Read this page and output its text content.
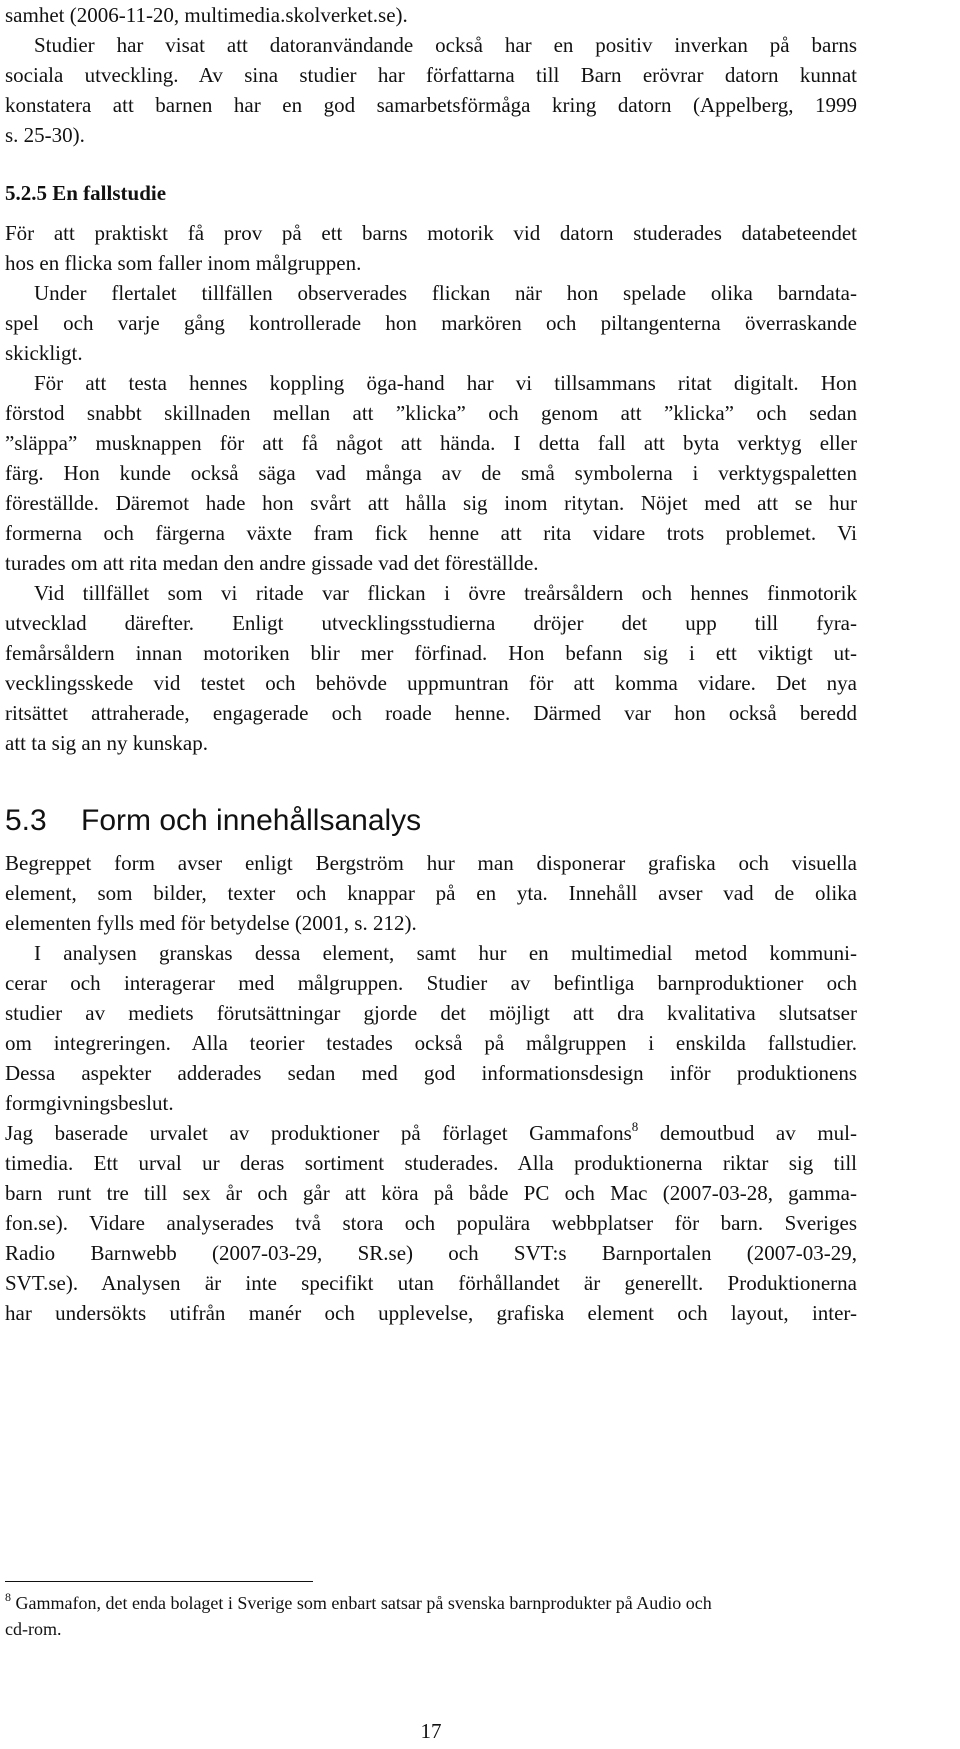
samhet (2006-11-20, multimedia.skolverket.se).
Studier har visat att datoranvändande också har en positiv inverkan på barns
sociala utveckling. Av sina studier har författarna till Barn erövrar datorn kunnat
konstatera att barnen har en god samarbetsförmåga kring datorn (Appelberg, 1999
s. 25-30).
5.2.5 En fallstudie
För att praktiskt få prov på ett barns motorik vid datorn studerades databeteendet
hos en flicka som faller inom målgruppen.
Under flertalet tillfällen observerades flickan när hon spelade olika barndata-
spel och varje gång kontrollerade hon markören och piltangenterna överraskande
skickligt.
För att testa hennes koppling öga-hand har vi tillsammans ritat digitalt. Hon
förstod snabbt skillnaden mellan att ”klicka” och genom att ”klicka” och sedan
”släppa” musknappen för att få något att hända. I detta fall att byta verktyg eller
färg. Hon kunde också säga vad många av de små symbolerna i verktygspaletten
föreställde. Däremot hade hon svårt att hålla sig inom ritytan. Nöjet med att se hur
formerna och färgerna växte fram fick henne att rita vidare trots problemet. Vi
turades om att rita medan den andre gissade vad det föreställde.
Vid tillfället som vi ritade var flickan i övre treårsåldern och hennes finmotorik
utvecklad därefter. Enligt utvecklingsstudierna dröjer det upp till fyra-
femårsåldern innan motoriken blir mer förfinad. Hon befann sig i ett viktigt ut-
vecklingsskede vid testet och behövde uppmuntran för att komma vidare. Det nya
ritsättet attraherade, engagerade och roade henne. Därmed var hon också beredd
att ta sig an ny kunskap.
5.3 Form och innehållsanalys
Begreppet form avser enligt Bergström hur man disponerar grafiska och visuella
element, som bilder, texter och knappar på en yta. Innehåll avser vad de olika
elementen fylls med för betydelse (2001, s. 212).
I analysen granskas dessa element, samt hur en multimedial metod kommuni-
cerar och interagerar med målgruppen. Studier av befintliga barnproduktioner och
studier av mediets förutsättningar gjorde det möjligt att dra kvalitativa slutsatser
om integreringen. Alla teorier testades också på målgruppen i enskilda fallstudier.
Dessa aspekter adderades sedan med god informationsdesign inför produktionens
formgivningsbeslut.
Jag baserade urvalet av produktioner på förlaget Gammafons$^8$ demoutbud av mul-
timedia. Ett urval ur deras sortiment studerades. Alla produktionerna riktar sig till
barn runt tre till sex år och går att köra på både PC och Mac (2007-03-28, gamma-
fon.se). Vidare analyserades två stora och populära webbplatser för barn. Sveriges
Radio Barnwebb (2007-03-29, SR.se) och SVT:s Barnportalen (2007-03-29,
SVT.se). Analysen är inte specifikt utan förhållandet är generellt. Produktionerna
har undersökts utifrån manér och upplevelse, grafiska element och layout, inter-
$^8$ Gammafon, det enda bolaget i Sverige som enbart satsar på svenska barnprodukter på Audio och
cd-rom.
17
